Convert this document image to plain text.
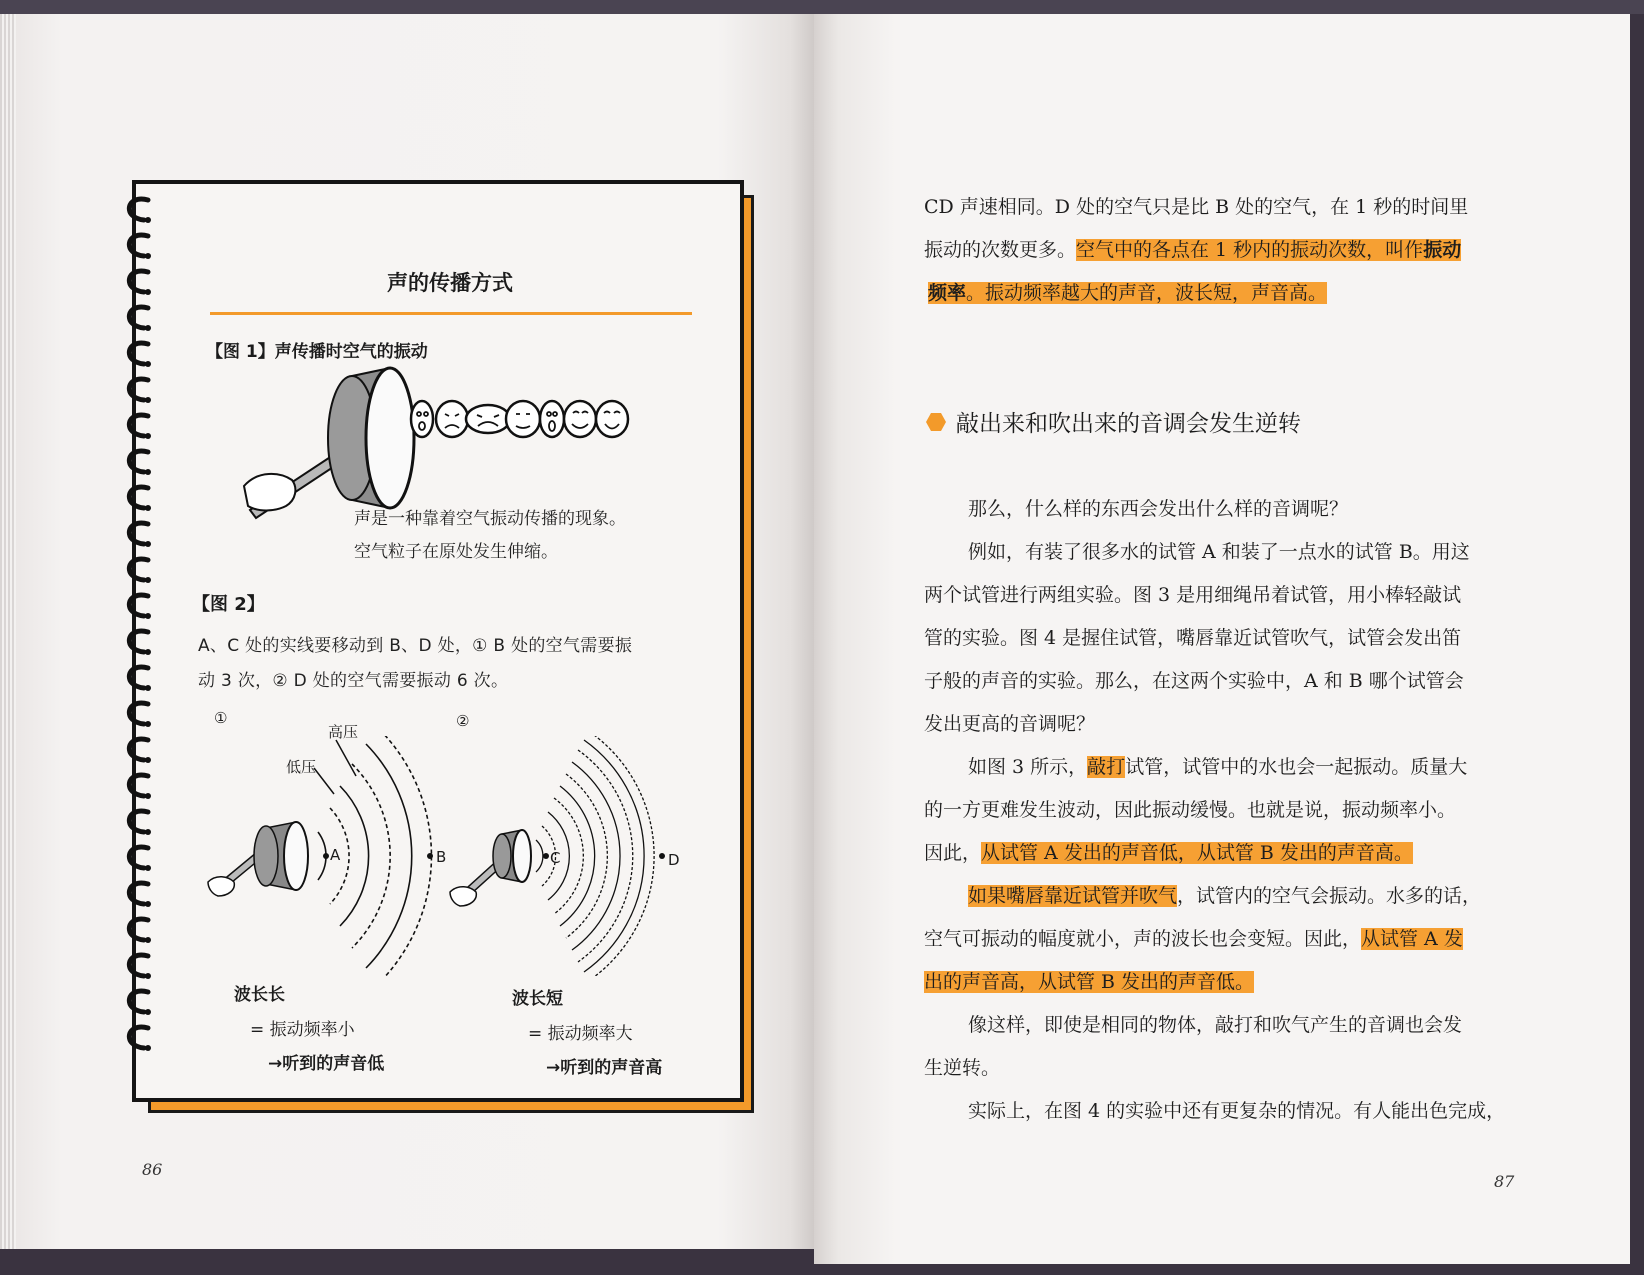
声的传播方式
【图 1】声传播时空气的振动
声是一种靠着空气振动传播的现象。
空气粒子在原处发生伸缩。
【图 2】
A、C 处的实线要移动到 B、D 处，① B 处的空气需要振
动 3 次，② D 处的空气需要振动 6 次。
①	②
高压
低压
A	B	C	D
波长长
= 振动频率小
→听到的声音低
波长短
= 振动频率大
→听到的声音高
86
CD 声速相同。D 处的空气只是比 B 处的空气，在 1 秒的时间里
振动的次数更多。空气中的各点在 1 秒内的振动次数，叫作振动
频率。振动频率越大的声音，波长短，声音高。
敲出来和吹出来的音调会发生逆转
那么，什么样的东西会发出什么样的音调呢？
例如，有装了很多水的试管 A 和装了一点水的试管 B。用这
两个试管进行两组实验。图 3 是用细绳吊着试管，用小棒轻敲试
管的实验。图 4 是握住试管，嘴唇靠近试管吹气，试管会发出笛
子般的声音的实验。那么，在这两个实验中，A 和 B 哪个试管会
发出更高的音调呢？
如图 3 所示，敲打试管，试管中的水也会一起振动。质量大
的一方更难发生波动，因此振动缓慢。也就是说，振动频率小。
因此，从试管 A 发出的声音低，从试管 B 发出的声音高。
如果嘴唇靠近试管并吹气，试管内的空气会振动。水多的话，
空气可振动的幅度就小，声的波长也会变短。因此，从试管 A 发
出的声音高，从试管 B 发出的声音低。
像这样，即使是相同的物体，敲打和吹气产生的音调也会发
生逆转。
实际上，在图 4 的实验中还有更复杂的情况。有人能出色完成，
87
